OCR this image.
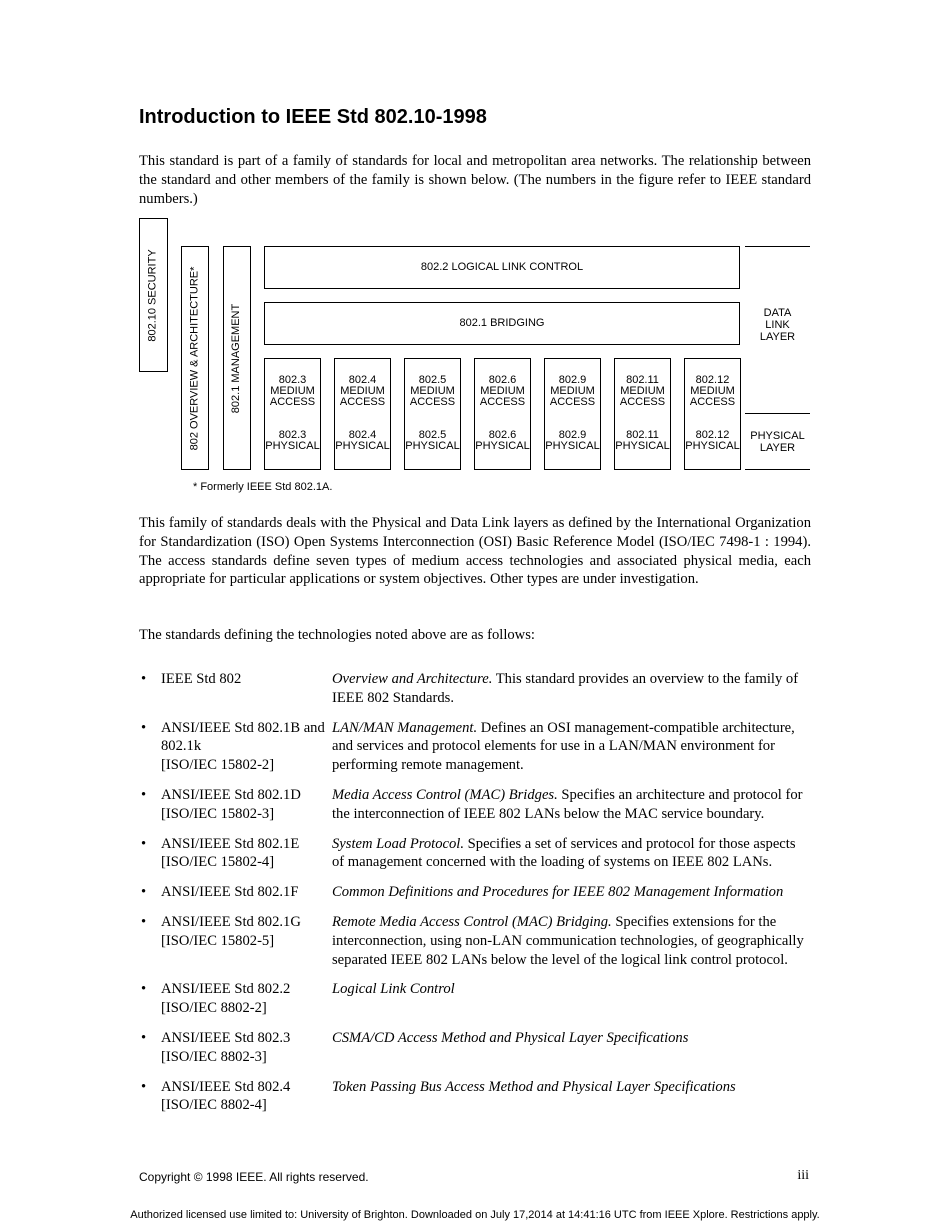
Introduction to IEEE Std 802.10-1998

This standard is part of a family of standards for local and metropolitan area networks. The relationship between the standard and other members of the family is shown below. (The numbers in the figure refer to IEEE standard numbers.)

802.10 SECURITY	802 OVERVIEW & ARCHITECTURE*	802.1 MANAGEMENT
802.2 LOGICAL LINK CONTROL
802.1 BRIDGING
802.3
MEDIUM
ACCESS
802.3
PHYSICAL
802.4
MEDIUM
ACCESS
802.4
PHYSICAL
802.5
MEDIUM
ACCESS
802.5
PHYSICAL
802.6
MEDIUM
ACCESS
802.6
PHYSICAL
802.9
MEDIUM
ACCESS
802.9
PHYSICAL
802.11
MEDIUM
ACCESS
802.11
PHYSICAL
802.12
MEDIUM
ACCESS
802.12
PHYSICAL
DATA
LINK
LAYER
PHYSICAL
LAYER
* Formerly IEEE Std 802.1A.

This family of standards deals with the Physical and Data Link layers as defined by the International Organization for Standardization (ISO) Open Systems Interconnection (OSI) Basic Reference Model (ISO/IEC 7498-1 : 1994). The access standards define seven types of medium access technologies and associated physical media, each appropriate for particular applications or system objectives. Other types are under investigation.

The standards defining the technologies noted above are as follows:

•	IEEE Std 802	Overview and Architecture. This standard provides an overview to the family of IEEE 802 Standards.
•	ANSI/IEEE Std 802.1B and 802.1k
[ISO/IEC 15802-2]
LAN/MAN Management. Defines an OSI management-compatible architecture, and services and protocol elements for use in a LAN/MAN environment for performing remote management.
•	ANSI/IEEE Std 802.1D
[ISO/IEC 15802-3]
Media Access Control (MAC) Bridges. Specifies an architecture and protocol for the interconnection of IEEE 802 LANs below the MAC service boundary.
•	ANSI/IEEE Std 802.1E
[ISO/IEC 15802-4]
System Load Protocol. Specifies a set of services and protocol for those aspects of management concerned with the loading of systems on IEEE 802 LANs.
•	ANSI/IEEE Std 802.1F	Common Definitions and Procedures for IEEE 802 Management Information
•	ANSI/IEEE Std 802.1G
[ISO/IEC 15802-5]
Remote Media Access Control (MAC) Bridging. Specifies extensions for the interconnection, using non-LAN communication technologies, of geographically separated IEEE 802 LANs below the level of the logical link control protocol.
•	ANSI/IEEE Std 802.2
[ISO/IEC 8802-2]
Logical Link Control
•	ANSI/IEEE Std 802.3
[ISO/IEC 8802-3]
CSMA/CD Access Method and Physical Layer Specifications
•	ANSI/IEEE Std 802.4
[ISO/IEC 8802-4]
Token Passing Bus Access Method and Physical Layer Specifications
Copyright © 1998 IEEE. All rights reserved.	iii
Authorized licensed use limited to: University of Brighton. Downloaded on July 17,2014 at 14:41:16 UTC from IEEE Xplore. Restrictions apply.
